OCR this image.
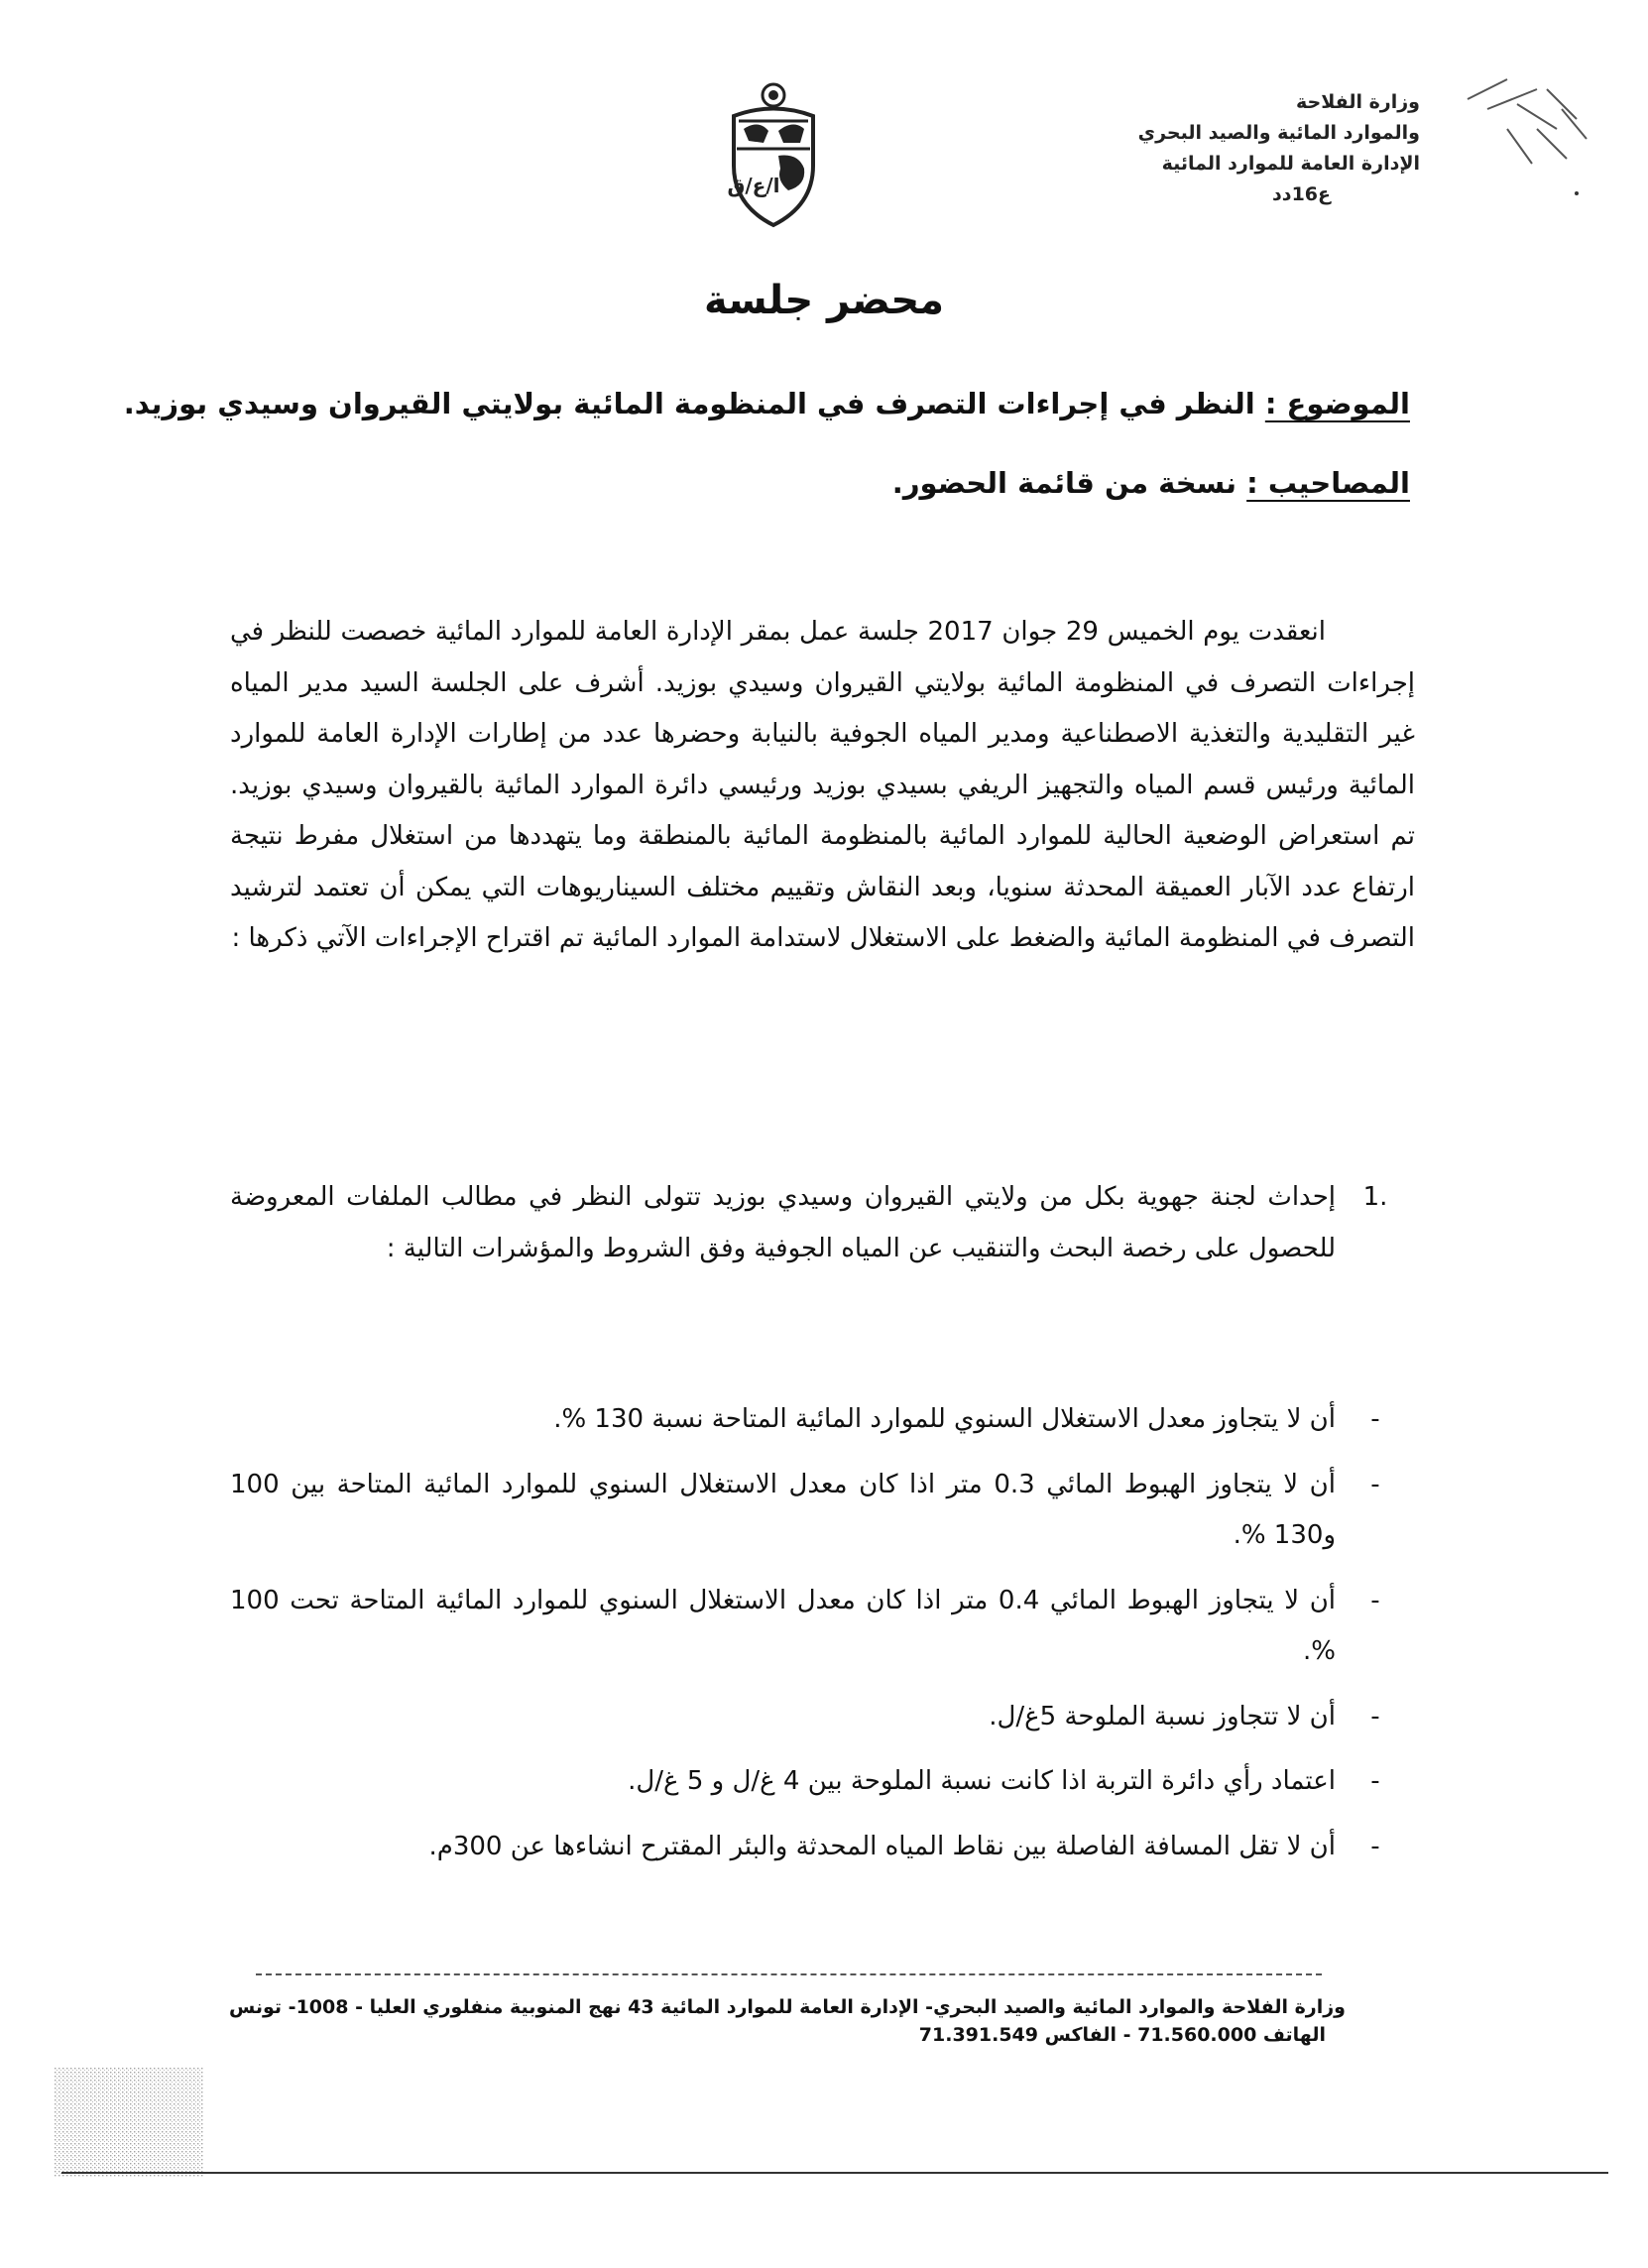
وزارة الفلاحة
والموارد المائية والصيد البحري
الإدارة العامة للموارد المائية
ع16دد
ا/ع/ق
محضر جلسة
الموضوع : النظر في إجراءات التصرف في المنظومة المائية بولايتي القيروان وسيدي بوزيد.
المصاحيب : نسخة من قائمة الحضور.

انعقدت يوم الخميس 29 جوان 2017 جلسة عمل بمقر الإدارة العامة للموارد المائية خصصت للنظر في إجراءات التصرف في المنظومة المائية بولايتي القيروان وسيدي بوزيد. أشرف على الجلسة السيد مدير المياه غير التقليدية والتغذية الاصطناعية ومدير المياه الجوفية بالنيابة وحضرها عدد من إطارات الإدارة العامة للموارد المائية ورئيس قسم المياه والتجهيز الريفي بسيدي بوزيد ورئيسي دائرة الموارد المائية بالقيروان وسيدي بوزيد. تم استعراض الوضعية الحالية للموارد المائية بالمنظومة المائية بالمنطقة وما يتهددها من استغلال مفرط نتيجة ارتفاع عدد الآبار العميقة المحدثة سنويا، وبعد النقاش وتقييم مختلف السيناريوهات التي يمكن أن تعتمد لترشيد التصرف في المنظومة المائية والضغط على الاستغلال لاستدامة الموارد المائية تم اقتراح الإجراءات الآتي ذكرها :

1.
إحداث لجنة جهوية بكل من ولايتي القيروان وسيدي بوزيد تتولى النظر في مطالب الملفات المعروضة للحصول على رخصة البحث والتنقيب عن المياه الجوفية وفق الشروط والمؤشرات التالية :
-
أن لا يتجاوز معدل الاستغلال السنوي للموارد المائية المتاحة نسبة 130 %.
-
أن لا يتجاوز الهبوط المائي 0.3 متر اذا كان معدل الاستغلال السنوي للموارد المائية المتاحة بين 100 و130 %.
-
أن لا يتجاوز الهبوط المائي 0.4 متر اذا كان معدل الاستغلال السنوي للموارد المائية المتاحة تحت 100 %.
-
أن لا تتجاوز نسبة الملوحة 5غ/ل.
-
اعتماد رأي دائرة التربة اذا كانت نسبة الملوحة بين 4 غ/ل و 5 غ/ل.
-
أن لا تقل المسافة الفاصلة بين نقاط المياه المحدثة والبئر المقترح انشاءها عن 300م.
وزارة الفلاحة والموارد المائية والصيد البحري- الإدارة العامة للموارد المائية 43 نهج المنوبية منفلوري العليا - 1008- تونس
الهاتف 71.560.000 - الفاكس 71.391.549
